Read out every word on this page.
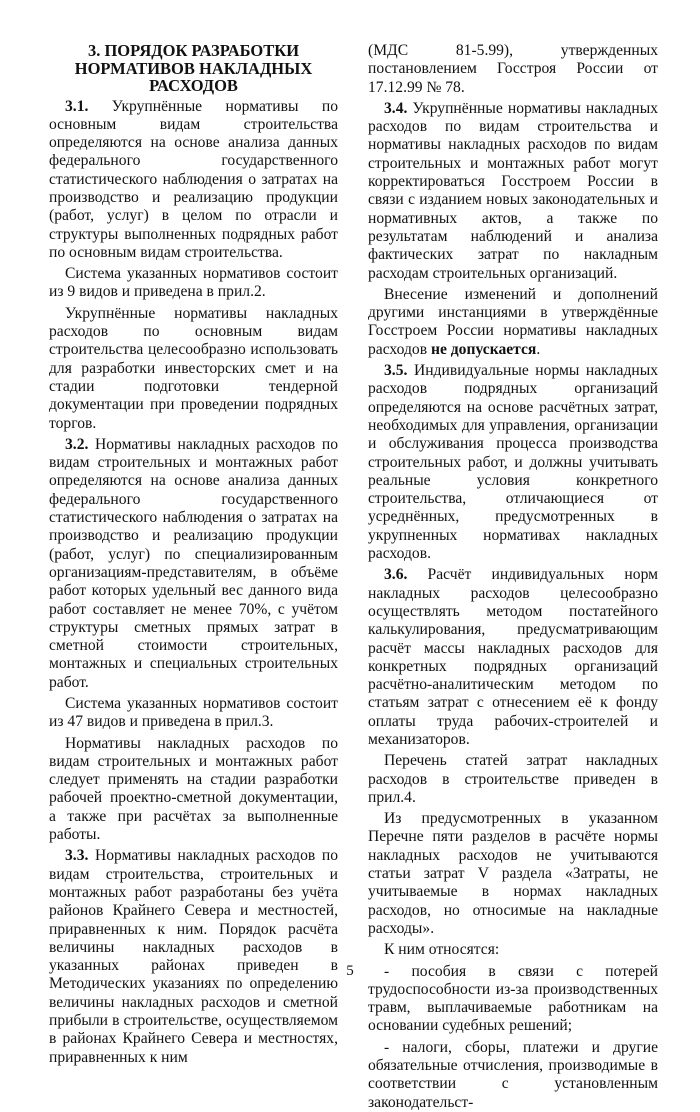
3. ПОРЯДОК РАЗРАБОТКИ НОРМАТИВОВ НАКЛАДНЫХ РАСХОДОВ

3.1. Укрупнённые нормативы по основным видам строительства определяются на основе анализа данных федерального государственного статистического наблюдения о затратах на производство и реализацию продукции (работ, услуг) в целом по отрасли и структуры выполненных подрядных работ по основным видам строительства.

Система указанных нормативов состоит из 9 видов и приведена в прил.2.

Укрупнённые нормативы накладных расходов по основным видам строительства целесообразно использовать для разработки инвесторских смет и на стадии подготовки тендерной документации при проведении подрядных торгов.

3.2. Нормативы накладных расходов по видам строительных и монтажных работ определяются на основе анализа данных федерального государственного статистического наблюдения о затратах на производство и реализацию продукции (работ, услуг) по специализированным организациям-представителям, в объёме работ которых удельный вес данного вида работ составляет не менее 70%, с учётом структуры сметных прямых затрат в сметной стоимости строительных, монтажных и специальных строительных работ.

Система указанных нормативов состоит из 47 видов и приведена в прил.3.

Нормативы накладных расходов по видам строительных и монтажных работ следует применять на стадии разработки рабочей проектно-сметной документации, а также при расчётах за выполненные работы.

3.3. Нормативы накладных расходов по видам строительства, строительных и монтажных работ разработаны без учёта районов Крайнего Севера и местностей, приравненных к ним. Порядок расчёта величины накладных расходов в указанных районах приведен в Методических указаниях по определению величины накладных расходов и сметной прибыли в строительстве, осуществляемом в районах Крайнего Севера и местностях, приравненных к ним

(МДС 81-5.99), утвержденных постановлением Госстроя России от 17.12.99 № 78.

3.4. Укрупнённые нормативы накладных расходов по видам строительства и нормативы накладных расходов по видам строительных и монтажных работ могут корректироваться Госстроем России в связи с изданием новых законодательных и нормативных актов, а также по результатам наблюдений и анализа фактических затрат по накладным расходам строительных организаций.

Внесение изменений и дополнений другими инстанциями в утверждённые Госстроем России нормативы накладных расходов не допускается.

3.5. Индивидуальные нормы накладных расходов подрядных организаций определяются на основе расчётных затрат, необходимых для управления, организации и обслуживания процесса производства строительных работ, и должны учитывать реальные условия конкретного строительства, отличающиеся от усреднённых, предусмотренных в укрупненных нормативах накладных расходов.

3.6. Расчёт индивидуальных норм накладных расходов целесообразно осуществлять методом постатейного калькулирования, предусматривающим расчёт массы накладных расходов для конкретных подрядных организаций расчётно-аналитическим методом по статьям затрат с отнесением её к фонду оплаты труда рабочих-строителей и механизаторов.

Перечень статей затрат накладных расходов в строительстве приведен в прил.4.

Из предусмотренных в указанном Перечне пяти разделов в расчёте нормы накладных расходов не учитываются статьи затрат V раздела «Затраты, не учитываемые в нормах накладных расходов, но относимые на накладные расходы».

К ним относятся:

- пособия в связи с потерей трудоспособности из-за производственных травм, выплачиваемые работникам на основании судебных решений;

- налоги, сборы, платежи и другие обязательные отчисления, производимые в соответствии с установленным законодательст-

5
